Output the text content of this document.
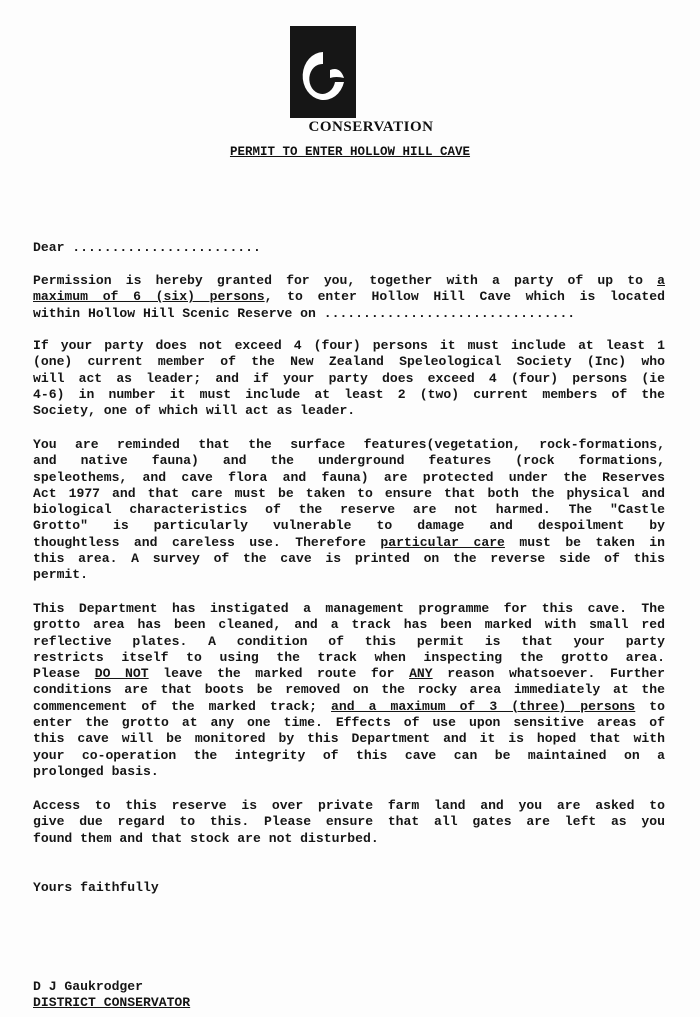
CONSERVATION
PERMIT TO ENTER HOLLOW HILL CAVE
Dear ........................
Permission is hereby granted for you, together with a party of up to a
maximum of 6 (six) persons, to enter Hollow Hill Cave which is located
within Hollow Hill Scenic Reserve on ................................
If your party does not exceed 4 (four) persons it must include at least 1
(one) current member of the New Zealand Speleological Society (Inc) who
will act as leader; and if your party does exceed 4 (four) persons (ie
4-6) in number it must include at least 2 (two) current members of the
Society, one of which will act as leader.
You are reminded that the surface features(vegetation, rock-formations,
and native fauna) and the underground features (rock formations,
speleothems, and cave flora and fauna) are protected under the Reserves
Act 1977 and that care must be taken to ensure that both the physical and
biological characteristics of the reserve are not harmed. The "Castle
Grotto" is particularly vulnerable to damage and despoilment by
thoughtless and careless use. Therefore particular care must be taken in
this area. A survey of the cave is printed on the reverse side of this
permit.
This Department has instigated a management programme for this cave. The
grotto area has been cleaned, and a track has been marked with small red
reflective plates. A condition of this permit is that your party
restricts itself to using the track when inspecting the grotto area.
Please DO NOT leave the marked route for ANY reason whatsoever. Further
conditions are that boots be removed on the rocky area immediately at the
commencement of the marked track; and a maximum of 3 (three) persons to
enter the grotto at any one time. Effects of use upon sensitive areas of
this cave will be monitored by this Department and it is hoped that with
your co-operation the integrity of this cave can be maintained on a
prolonged basis.
Access to this reserve is over private farm land and you are asked to
give due regard to this. Please ensure that all gates are left as you
found them and that stock are not disturbed.
Yours faithfully
D J Gaukrodger
DISTRICT CONSERVATOR
